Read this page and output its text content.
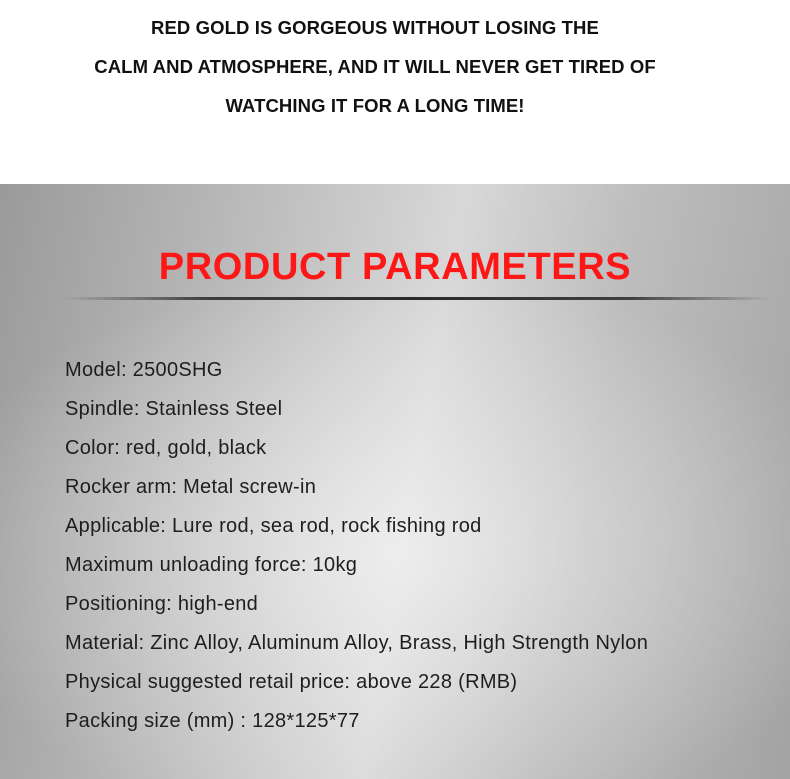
RED GOLD IS GORGEOUS WITHOUT LOSING THE
CALM AND ATMOSPHERE, AND IT WILL NEVER GET TIRED OF
WATCHING IT FOR A LONG TIME!

PRODUCT PARAMETERS
Model: 2500SHG
Spindle: Stainless Steel
Color: red, gold, black
Rocker arm: Metal screw-in
Applicable: Lure rod, sea rod, rock fishing rod
Maximum unloading force: 10kg
Positioning: high-end
Material: Zinc Alloy, Aluminum Alloy, Brass, High Strength Nylon
Physical suggested retail price: above 228 (RMB)
Packing size (mm) : 128*125*77
